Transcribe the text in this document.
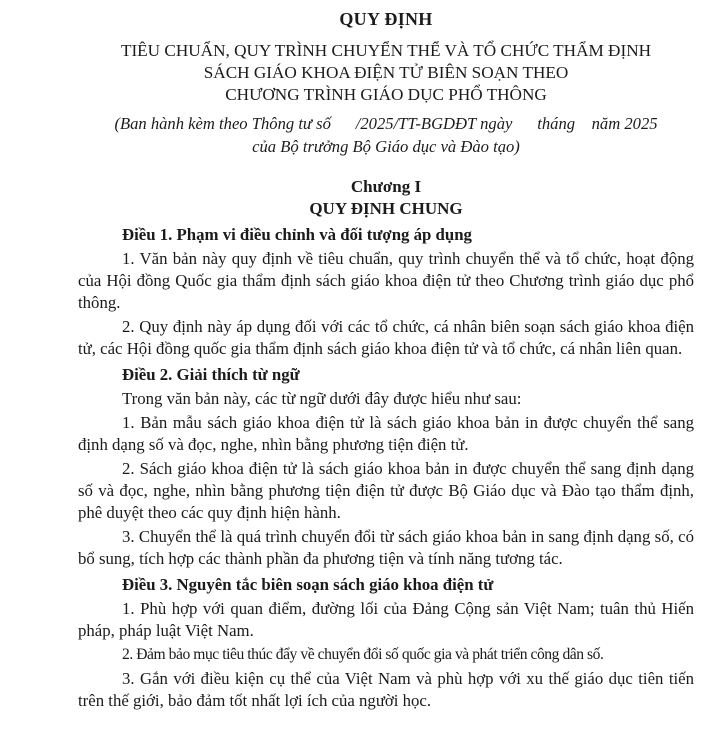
QUY ĐỊNH
TIÊU CHUẨN, QUY TRÌNH CHUYỂN THỂ VÀ TỔ CHỨC THẨM ĐỊNH
SÁCH GIÁO KHOA ĐIỆN TỬ BIÊN SOẠN THEO
CHƯƠNG TRÌNH GIÁO DỤC PHỔ THÔNG
(Ban hành kèm theo Thông tư số      /2025/TT-BGDĐT ngày      tháng    năm 2025
của Bộ trưởng Bộ Giáo dục và Đào tạo)
Chương I
QUY ĐỊNH CHUNG
Điều 1. Phạm vi điều chỉnh và đối tượng áp dụng

1. Văn bản này quy định về tiêu chuẩn, quy trình chuyển thể và tổ chức, hoạt động của Hội đồng Quốc gia thẩm định sách giáo khoa điện tử theo Chương trình giáo dục phổ thông.

2. Quy định này áp dụng đối với các tổ chức, cá nhân biên soạn sách giáo khoa điện tử, các Hội đồng quốc gia thẩm định sách giáo khoa điện tử và tổ chức, cá nhân liên quan.

Điều 2. Giải thích từ ngữ

Trong văn bản này, các từ ngữ dưới đây được hiểu như sau:

1. Bản mẫu sách giáo khoa điện tử là sách giáo khoa bản in được chuyển thể sang định dạng số và đọc, nghe, nhìn bằng phương tiện điện tử.

2. Sách giáo khoa điện tử là sách giáo khoa bản in được chuyển thể sang định dạng số và đọc, nghe, nhìn bằng phương tiện điện tử được Bộ Giáo dục và Đào tạo thẩm định, phê duyệt theo các quy định hiện hành.

3. Chuyển thể là quá trình chuyển đổi từ sách giáo khoa bản in sang định dạng số, có bổ sung, tích hợp các thành phần đa phương tiện và tính năng tương tác.

Điều 3. Nguyên tắc biên soạn sách giáo khoa điện tử

1. Phù hợp với quan điểm, đường lối của Đảng Cộng sản Việt Nam; tuân thủ Hiến pháp, pháp luật Việt Nam.

2. Đảm bảo mục tiêu thúc đẩy về chuyển đổi số quốc gia và phát triển công dân số.

3. Gắn với điều kiện cụ thể của Việt Nam và phù hợp với xu thế giáo dục tiên tiến trên thế giới, bảo đảm tốt nhất lợi ích của người học.
